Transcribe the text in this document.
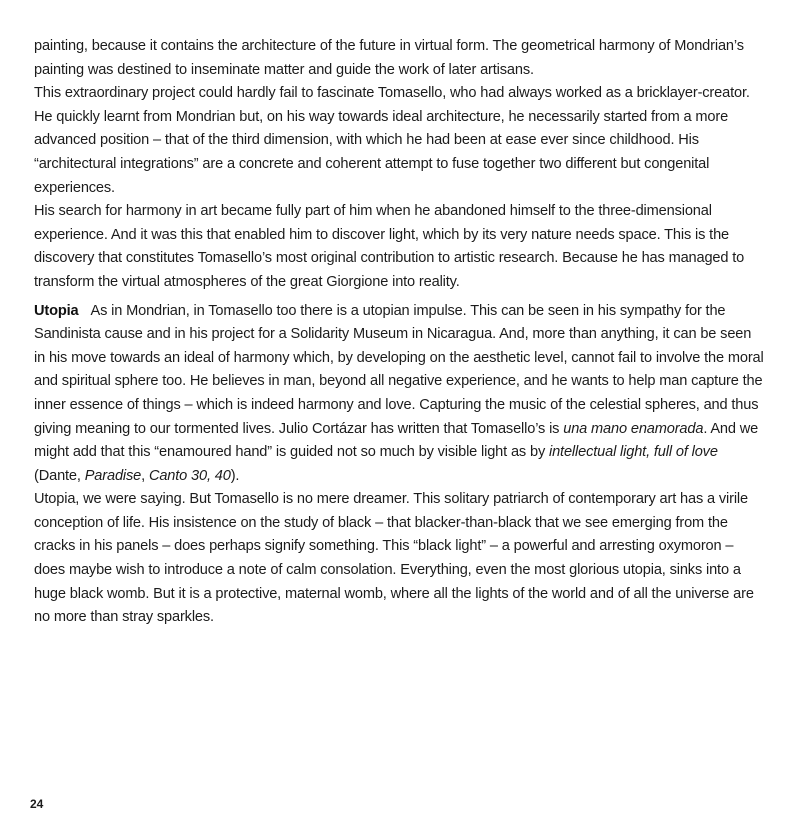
painting, because it contains the architecture of the future in virtual form. The geometrical harmony of Mondrian’s painting was destined to inseminate matter and guide the work of later artisans.

This extraordinary project could hardly fail to fascinate Tomasello, who had always worked as a bricklayer-creator. He quickly learnt from Mondrian but, on his way towards ideal architecture, he necessarily started from a more advanced position – that of the third dimension, with which he had been at ease ever since childhood. His “architectural integrations” are a concrete and coherent attempt to fuse together two different but congenital experiences.

His search for harmony in art became fully part of him when he abandoned himself to the three-dimensional experience. And it was this that enabled him to discover light, which by its very nature needs space. This is the discovery that constitutes Tomasello’s most original contribution to artistic research. Because he has managed to transform the virtual atmospheres of the great Giorgione into reality.

Utopia As in Mondrian, in Tomasello too there is a utopian impulse. This can be seen in his sympathy for the Sandinista cause and in his project for a Solidarity Museum in Nicaragua. And, more than anything, it can be seen in his move towards an ideal of harmony which, by developing on the aesthetic level, cannot fail to involve the moral and spiritual sphere too. He believes in man, beyond all negative experience, and he wants to help man capture the inner essence of things – which is indeed harmony and love. Capturing the music of the celestial spheres, and thus giving meaning to our tormented lives. Julio Cortázar has written that Tomasello’s is una mano enamorada. And we might add that this “enamoured hand” is guided not so much by visible light as by intellectual light, full of love (Dante, Paradise, Canto 30, 40).

Utopia, we were saying. But Tomasello is no mere dreamer. This solitary patriarch of contemporary art has a virile conception of life. His insistence on the study of black – that blacker-than-black that we see emerging from the cracks in his panels – does perhaps signify something. This “black light” – a powerful and arresting oxymoron – does maybe wish to introduce a note of calm consolation. Everything, even the most glorious utopia, sinks into a huge black womb. But it is a protective, maternal womb, where all the lights of the world and of all the universe are no more than stray sparkles.

24
